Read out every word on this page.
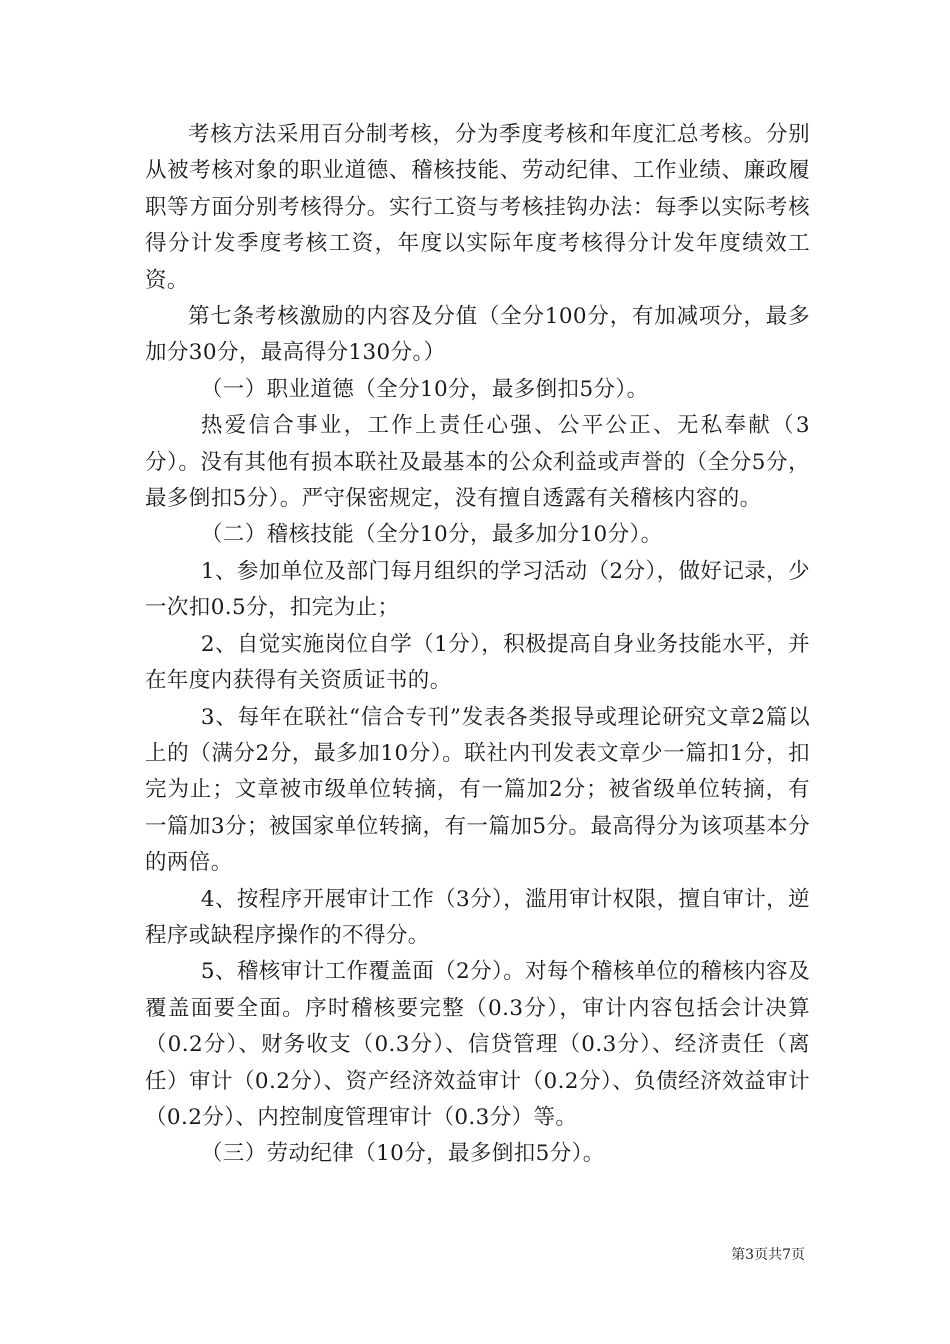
考核方法采用百分制考核，分为季度考核和年度汇总考核。分别从被考核对象的职业道德、稽核技能、劳动纪律、工作业绩、廉政履职等方面分别考核得分。实行工资与考核挂钩办法：每季以实际考核得分计发季度考核工资，年度以实际年度考核得分计发年度绩效工资。

第七条考核激励的内容及分值（全分100分，有加减项分，最多加分30分，最高得分130分。）

（一）职业道德（全分10分，最多倒扣5分）。

热爱信合事业，工作上责任心强、公平公正、无私奉献（3分）。没有其他有损本联社及最基本的公众利益或声誉的（全分5分，最多倒扣5分）。严守保密规定，没有擅自透露有关稽核内容的。

（二）稽核技能（全分10分，最多加分10分）。

1、参加单位及部门每月组织的学习活动（2分），做好记录，少一次扣0.5分，扣完为止；

2、自觉实施岗位自学（1分），积极提高自身业务技能水平，并在年度内获得有关资质证书的。

3、每年在联社“信合专刊”发表各类报导或理论研究文章2篇以上的（满分2分，最多加10分）。联社内刊发表文章少一篇扣1分，扣完为止；文章被市级单位转摘，有一篇加2分；被省级单位转摘，有一篇加3分；被国家单位转摘，有一篇加5分。最高得分为该项基本分的两倍。

4、按程序开展审计工作（3分），滥用审计权限，擅自审计，逆程序或缺程序操作的不得分。

5、稽核审计工作覆盖面（2分）。对每个稽核单位的稽核内容及覆盖面要全面。序时稽核要完整（0.3分），审计内容包括会计决算（0.2分）、财务收支（0.3分）、信贷管理（0.3分）、经济责任（离任）审计（0.2分）、资产经济效益审计（0.2分）、负债经济效益审计（0.2分）、内控制度管理审计（0.3分）等。

（三）劳动纪律（10分，最多倒扣5分）。

第3页共7页
